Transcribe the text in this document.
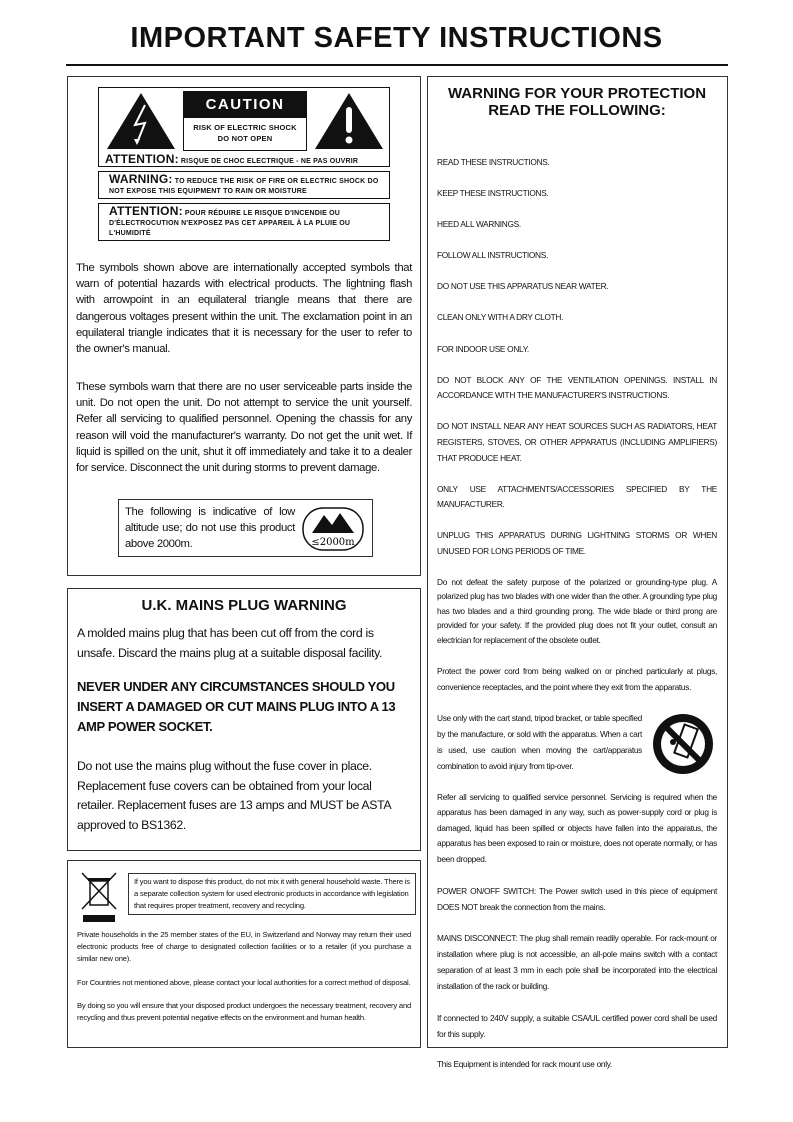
IMPORTANT SAFETY INSTRUCTIONS
CAUTION
RISK OF ELECTRIC SHOCK
DO NOT OPEN
ATTENTION: RISQUE DE CHOC ELECTRIQUE - NE PAS OUVRIR
WARNING: TO REDUCE THE RISK OF FIRE OR ELECTRIC SHOCK DO NOT EXPOSE THIS EQUIPMENT TO RAIN OR MOISTURE
ATTENTION: POUR RÉDUIRE LE RISQUE D'INCENDIE OU D'ÉLECTROCUTION N'EXPOSEZ PAS CET APPAREIL À LA PLUIE OU L'HUMIDITÉ

The symbols shown above are internationally accepted symbols that warn of potential hazards with electrical products. The lightning flash with arrowpoint in an equilateral triangle means that there are dangerous voltages present within the unit. The exclamation point in an equilateral triangle indicates that it is necessary for the user to refer to the owner's manual.

These symbols warn that there are no user serviceable parts inside the unit. Do not open the unit. Do not attempt to service the unit yourself. Refer all servicing to qualified personnel. Opening the chassis for any reason will void the manufacturer's warranty. Do not get the unit wet. If liquid is spilled on the unit, shut it off immediately and take it to a dealer for service. Disconnect the unit during storms to prevent damage.

The following is indicative of low altitude use; do not use this product above 2000m.	≤2000m
U.K. MAINS PLUG WARNING

A molded mains plug that has been cut off from the cord is unsafe. Discard the mains plug at a suitable disposal facility.

NEVER UNDER ANY CIRCUMSTANCES SHOULD YOU INSERT A DAMAGED OR CUT MAINS PLUG INTO A 13 AMP POWER SOCKET.

Do not use the mains plug without the fuse cover in place. Replacement fuse covers can be obtained from your local retailer. Replacement fuses are 13 amps and MUST be ASTA approved to BS1362.

If you want to dispose this product, do not mix it with general household waste. There is a separate collection system for used electronic products in accordance with legislation that requires proper treatment, recovery and recycling.

Private households in the 25 member states of the EU, in Switzerland and Norway may return their used electronic products free of charge to designated collection facilities or to a retailer (if you purchase a similar new one).

For Countries not mentioned above, please contact your local authorities for a correct method of disposal.

By doing so you will ensure that your disposed product undergoes the necessary treatment, recovery and recycling and thus prevent potential negative effects on the environment and human health.

WARNING FOR YOUR PROTECTION
READ THE FOLLOWING:

READ THESE INSTRUCTIONS.

KEEP THESE INSTRUCTIONS.

HEED ALL WARNINGS.

FOLLOW ALL INSTRUCTIONS.

DO NOT USE THIS APPARATUS NEAR WATER.

CLEAN ONLY WITH A DRY CLOTH.

FOR INDOOR USE ONLY.

DO NOT BLOCK ANY OF THE VENTILATION OPENINGS. INSTALL IN ACCORDANCE WITH THE MANUFACTURER'S INSTRUCTIONS.

DO NOT INSTALL NEAR ANY HEAT SOURCES SUCH AS RADIATORS, HEAT REGISTERS, STOVES, OR OTHER APPARATUS (INCLUDING AMPLIFIERS) THAT PRODUCE HEAT.

ONLY USE ATTACHMENTS/ACCESSORIES SPECIFIED BY THE MANUFACTURER.

UNPLUG THIS APPARATUS DURING LIGHTNING STORMS OR WHEN UNUSED FOR LONG PERIODS OF TIME.

Do not defeat the safety purpose of the polarized or grounding-type plug. A polarized plug has two blades with one wider than the other. A grounding type plug has two blades and a third grounding prong. The wide blade or third prong are provided for your safety. If the provided plug does not fit your outlet, consult an electrician for replacement of the obsolete outlet.

Protect the power cord from being walked on or pinched particularly at plugs, convenience receptacles, and the point where they exit from the apparatus.

Use only with the cart stand, tripod bracket, or table specified by the manufacture, or sold with the apparatus. When a cart is used, use caution when moving the cart/apparatus combination to avoid injury from tip-over.

Refer all servicing to qualified service personnel. Servicing is required when the apparatus has been damaged in any way, such as power-supply cord or plug is damaged, liquid has been spilled or objects have fallen into the apparatus, the apparatus has been exposed to rain or moisture, does not operate normally, or has been dropped.

POWER ON/OFF SWITCH: The Power switch used in this piece of equipment DOES NOT break the connection from the mains.

MAINS DISCONNECT: The plug shall remain readily operable. For rack-mount or installation where plug is not accessible, an all-pole mains switch with a contact separation of at least 3 mm in each pole shall be incorporated into the electrical installation of the rack or building.

If connected to 240V supply, a suitable CSA/UL certified power cord shall be used for this supply.

This Equipment is intended for rack mount use only.
